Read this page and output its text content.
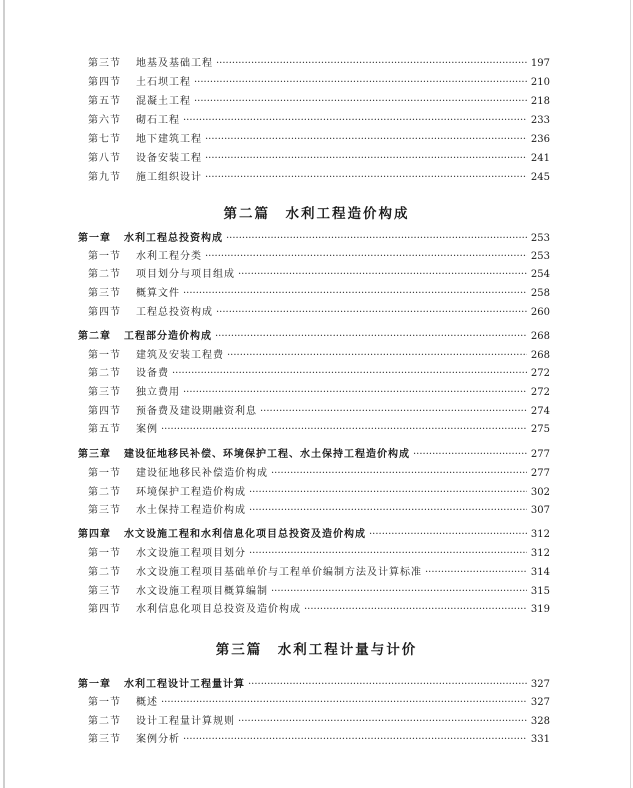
第三节	地基及基础工程 ·····	197
第四节	土石坝工程 ·····	210
第五节	混凝土工程 ·····	218
第六节	砌石工程 ·····	233
第七节	地下建筑工程 ·····	236
第八节	设备安装工程 ·····	241
第九节	施工组织设计 ·····	245
第二篇　水利工程造价构成
第一章	水利工程总投资构成 ·····	253
第一节	水利工程分类 ·····	253
第二节	项目划分与项目组成 ·····	254
第三节	概算文件 ·····	258
第四节	工程总投资构成 ·····	260
第二章	工程部分造价构成 ·····	268
第一节	建筑及安装工程费 ·····	268
第二节	设备费 ·····	272
第三节	独立费用 ·····	272
第四节	预备费及建设期融资利息 ·····	274
第五节	案例 ·····	275
第三章	建设征地移民补偿、环境保护工程、水土保持工程造价构成 ·····	277
第一节	建设征地移民补偿造价构成 ·····	277
第二节	环境保护工程造价构成 ·····	302
第三节	水土保持工程造价构成 ·····	307
第四章	水文设施工程和水利信息化项目总投资及造价构成 ·····	312
第一节	水文设施工程项目划分 ·····	312
第二节	水文设施工程项目基础单价与工程单价编制方法及计算标准 ·····	314
第三节	水文设施工程项目概算编制 ·····	315
第四节	水利信息化项目总投资及造价构成 ·····	319
第三篇　水利工程计量与计价
第一章	水利工程设计工程量计算 ·····	327
第一节	概述 ·····	327
第二节	设计工程量计算规则 ·····	328
第三节	案例分析 ·····	331
